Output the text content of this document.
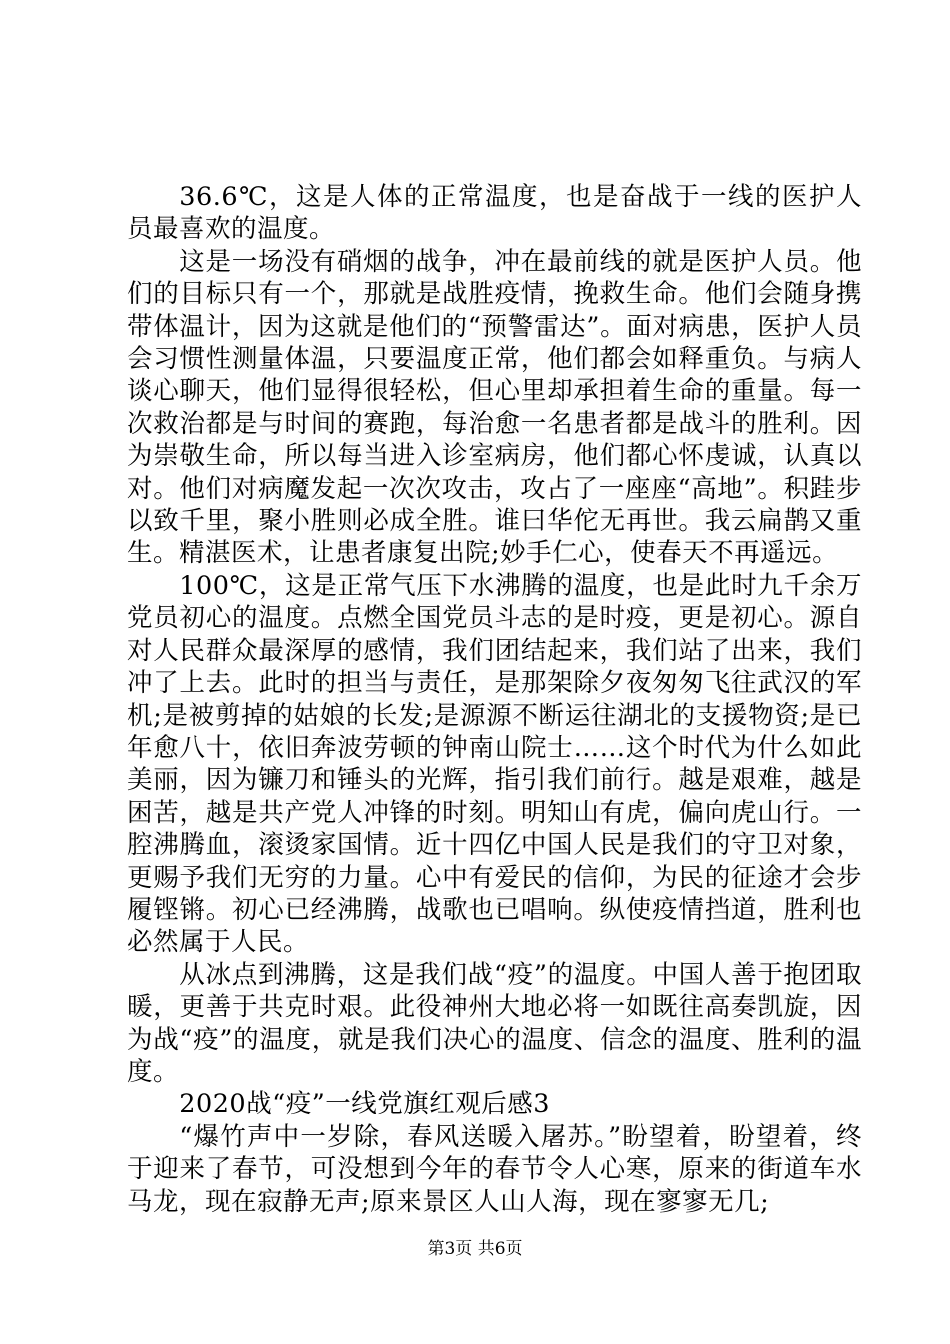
36.6℃，这是人体的正常温度，也是奋战于一线的医护人员最喜欢的温度。

这是一场没有硝烟的战争，冲在最前线的就是医护人员。他们的目标只有一个，那就是战胜疫情，挽救生命。他们会随身携带体温计，因为这就是他们的“预警雷达”。面对病患，医护人员会习惯性测量体温，只要温度正常，他们都会如释重负。与病人谈心聊天，他们显得很轻松，但心里却承担着生命的重量。每一次救治都是与时间的赛跑，每治愈一名患者都是战斗的胜利。因为崇敬生命，所以每当进入诊室病房，他们都心怀虔诚，认真以对。他们对病魔发起一次次攻击，攻占了一座座“高地”。积跬步以致千里，聚小胜则必成全胜。谁曰华佗无再世。我云扁鹊又重生。精湛医术，让患者康复出院;妙手仁心，使春天不再遥远。

100℃，这是正常气压下水沸腾的温度，也是此时九千余万党员初心的温度。点燃全国党员斗志的是时疫，更是初心。源自对人民群众最深厚的感情，我们团结起来，我们站了出来，我们冲了上去。此时的担当与责任，是那架除夕夜匆匆飞往武汉的军机;是被剪掉的姑娘的长发;是源源不断运往湖北的支援物资;是已年愈八十，依旧奔波劳顿的钟南山院士……这个时代为什么如此美丽，因为镰刀和锤头的光辉，指引我们前行。越是艰难，越是困苦，越是共产党人冲锋的时刻。明知山有虎，偏向虎山行。一腔沸腾血，滚烫家国情。近十四亿中国人民是我们的守卫对象，更赐予我们无穷的力量。心中有爱民的信仰，为民的征途才会步履铿锵。初心已经沸腾，战歌也已唱响。纵使疫情挡道，胜利也必然属于人民。

从冰点到沸腾，这是我们战“疫”的温度。中国人善于抱团取暖，更善于共克时艰。此役神州大地必将一如既往高奏凯旋，因为战“疫”的温度，就是我们决心的温度、信念的温度、胜利的温度。

2020战“疫”一线党旗红观后感3

“爆竹声中一岁除，春风送暖入屠苏。”盼望着，盼望着，终于迎来了春节，可没想到今年的春节令人心寒，原来的街道车水马龙，现在寂静无声;原来景区人山人海，现在寥寥无几;

第3页 共6页
